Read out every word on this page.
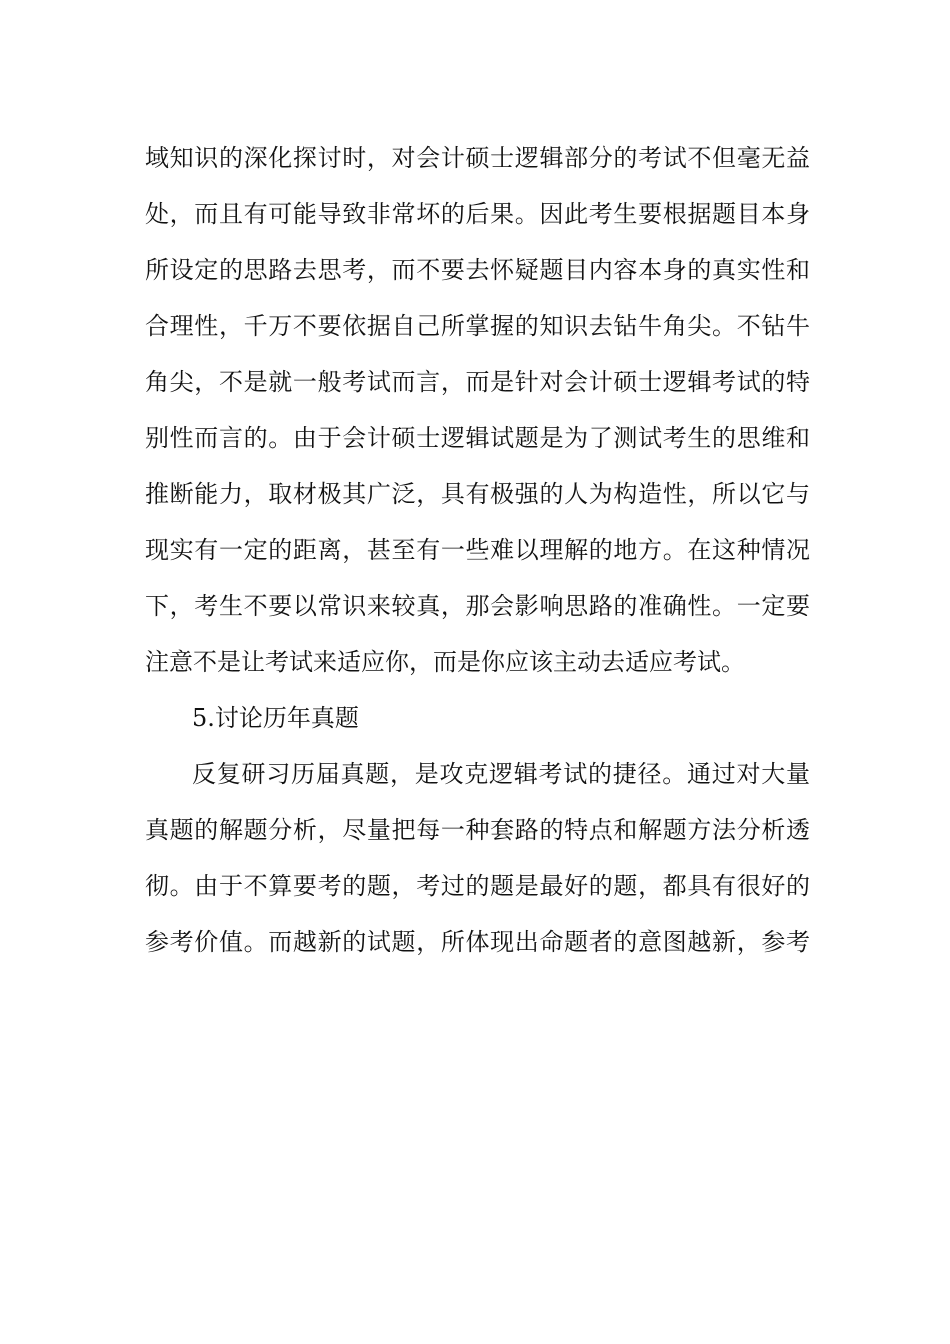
域知识的深化探讨时，对会计硕士逻辑部分的考试不但毫无益
处，而且有可能导致非常坏的后果。因此考生要根据题目本身
所设定的思路去思考，而不要去怀疑题目内容本身的真实性和
合理性，千万不要依据自己所掌握的知识去钻牛角尖。不钻牛
角尖，不是就一般考试而言，而是针对会计硕士逻辑考试的特
别性而言的。由于会计硕士逻辑试题是为了测试考生的思维和
推断能力，取材极其广泛，具有极强的人为构造性，所以它与
现实有一定的距离，甚至有一些难以理解的地方。在这种情况
下，考生不要以常识来较真，那会影响思路的准确性。一定要
注意不是让考试来适应你，而是你应该主动去适应考试。
5.讨论历年真题
反复研习历届真题，是攻克逻辑考试的捷径。通过对大量
真题的解题分析，尽量把每一种套路的特点和解题方法分析透
彻。由于不算要考的题，考过的题是最好的题，都具有很好的
参考价值。而越新的试题，所体现出命题者的意图越新，参考
